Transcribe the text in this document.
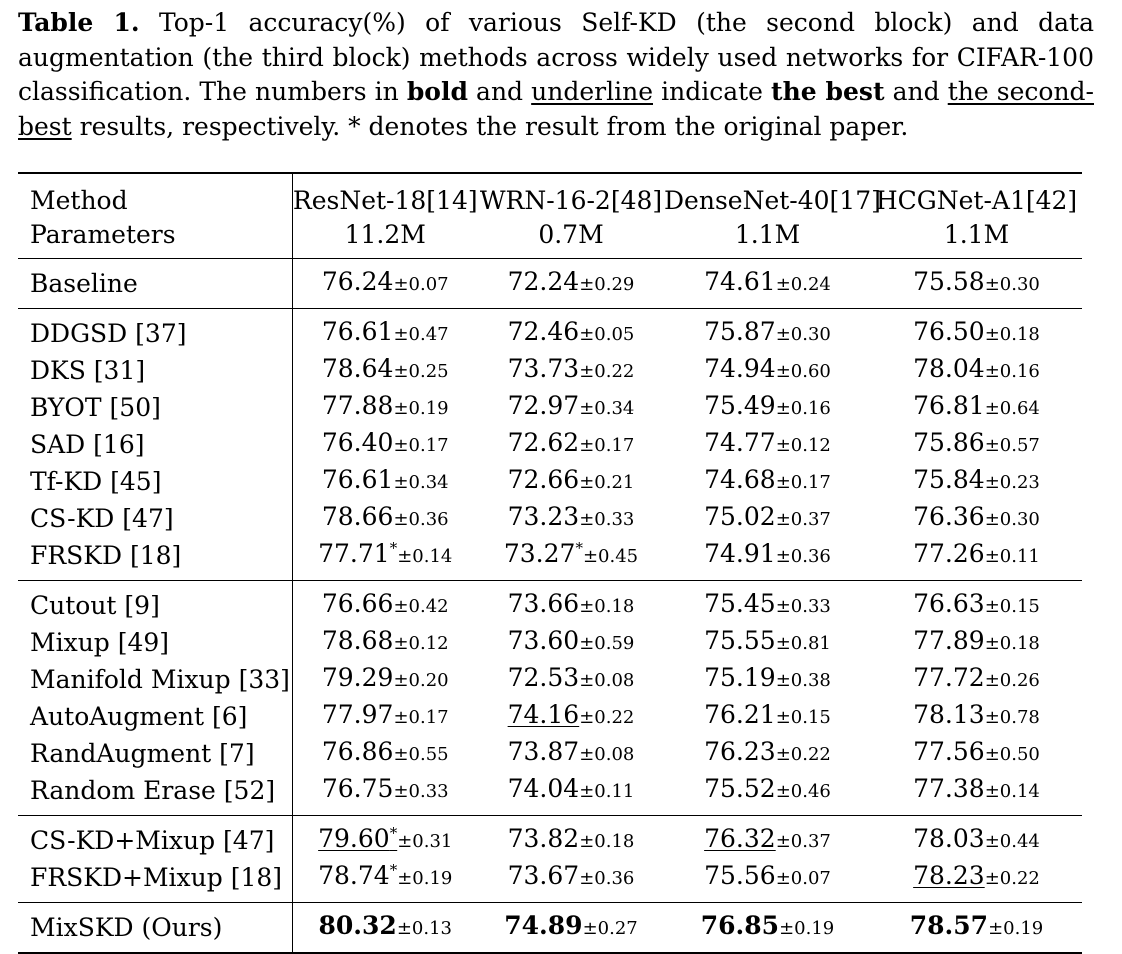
Table 1. Top-1 accuracy(%) of various Self-KD (the second block) and data augmentation (the third block) methods across widely used networks for CIFAR-100 classification. The numbers in bold and underline indicate the best and the second-best results, respectively. * denotes the result from the original paper.
Method	ResNet-18[14]	WRN-16-2[48]	DenseNet-40[17]	HCGNet-A1[42]
Parameters	11.2M	0.7M	1.1M	1.1M
Baseline	76.24±0.07	72.24±0.29	74.61±0.24	75.58±0.30
DDGSD [37]	76.61±0.47	72.46±0.05	75.87±0.30	76.50±0.18
DKS [31]	78.64±0.25	73.73±0.22	74.94±0.60	78.04±0.16
BYOT [50]	77.88±0.19	72.97±0.34	75.49±0.16	76.81±0.64
SAD [16]	76.40±0.17	72.62±0.17	74.77±0.12	75.86±0.57
Tf-KD [45]	76.61±0.34	72.66±0.21	74.68±0.17	75.84±0.23
CS-KD [47]	78.66±0.36	73.23±0.33	75.02±0.37	76.36±0.30
FRSKD [18]	77.71*±0.14	73.27*±0.45	74.91±0.36	77.26±0.11
Cutout [9]	76.66±0.42	73.66±0.18	75.45±0.33	76.63±0.15
Mixup [49]	78.68±0.12	73.60±0.59	75.55±0.81	77.89±0.18
Manifold Mixup [33]	79.29±0.20	72.53±0.08	75.19±0.38	77.72±0.26
AutoAugment [6]	77.97±0.17	74.16±0.22	76.21±0.15	78.13±0.78
RandAugment [7]	76.86±0.55	73.87±0.08	76.23±0.22	77.56±0.50
Random Erase [52]	76.75±0.33	74.04±0.11	75.52±0.46	77.38±0.14
CS-KD+Mixup [47]	79.60*±0.31	73.82±0.18	76.32±0.37	78.03±0.44
FRSKD+Mixup [18]	78.74*±0.19	73.67±0.36	75.56±0.07	78.23±0.22
MixSKD (Ours)	80.32±0.13	74.89±0.27	76.85±0.19	78.57±0.19
